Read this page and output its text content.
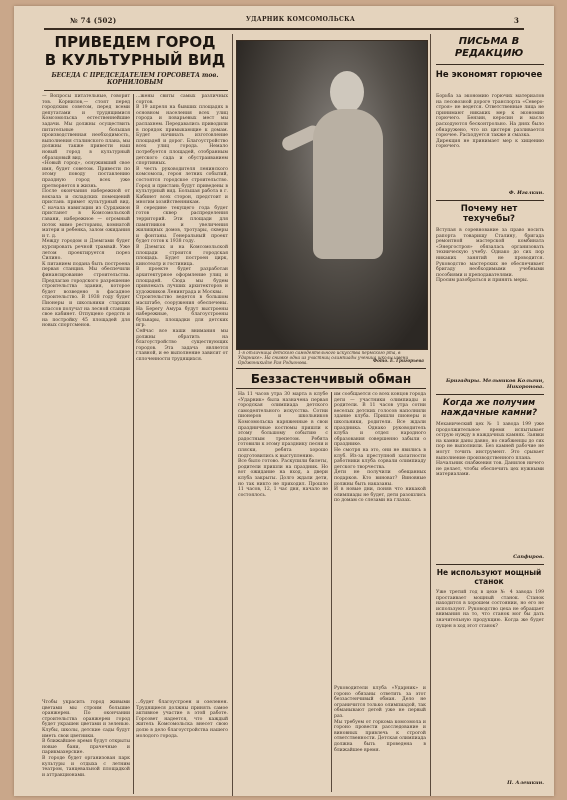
№ 74 (502)	УДАРНИК КОМСОМОЛЬСКА	3
ПРИВЕДЕМ ГОРОД
В КУЛЬТУРНЫЙ ВИД
БЕСЕДА С ПРЕДСЕДАТЕЛЕМ ГОРСОВЕТА тов. КОРНИЛОВЫМ
— Вопросы питательные, говорит тов. Корнилов,— стоят перед городским советом, перед всеми депутатами и трудящимися Комсомольска естественнейшие задачи. Мы должны осуществить питательные большая производственная необходимость, выполнения сталинского плана, мы должны также привести наш новый город в культурный образцовый вид.
«Новый город», оснуживший свое имя, будет советом. Привести по этому поводу поставлению праздную город всех уже претворяется в жизнь.
После окончания набережной от вокзала и складских помещений пристань примет культурный вид. С начала навигации из Сурдакион пристанет в Комсомольской гавани, набережное — огромный поток мимо рестораны, комнатой матери и ребенка, залом ожидания и т. д.
Между городом и Дземгами будет курсировать речной трамвай. Уже летом проектируется порез Силино.
К питанием подана быть построена первая станция. Мы обеспечили финансирование строительства. Предлагаю городского разрешение строительства здания, которое будет возведено в фасадное строительство. В 1938 году будет Пионеры и школьники старших классов получат на лесной станции свое кабинет. Отпущено средств и на постройку 45 площадей для новых спортсменов.
...жены свиты самых различных сортов.
В 19 апреля на бывших площадях в основном населения всех улиц города и поварьевых мест мы распахнем. Передавались приводили в порядок примыкающие к домам. Будет начинать изготовление площадей и дорог. Благоустройство всех улиц города. Немало потребуется площадей, отобранным детского сада и обустраиванием спортивных.
В честь руководителя ленинского комсомола, героя летних событий, состоятся городское строительство. Город и пристань будут приведены в культурный вид. Большая работа в г. Кабинет всех сторон, предстоит и многим хозяйственникам.
В середине текущего года будет готов сквер распределения территорий. Эти площади для памятников и увеличения жилищных домов, тротуары, скверы и фонтаны. Генеральный проект будет готов к 1938 году.
В Дземгах и на Комсомольской площади строится городская площадь. Будет построен цирк, кинотеатр и гостиница.
В проекте будет разработан архитектурное оформление улиц и площадей. Сюда мы будем привлекать лучших архитекторов и художников Ленинграда и Москвы.
Строительство ведется в большом масштабе, сооружения обеспечены. На Берегу Амура будут выстроены набережные, благоустроены бульвары, площадки для детских игр.
Сейчас все наши внимания мы должны обратить на благоустройство существующих городов. Эта задача является главной, и ее выполнение зависит от сплоченности трудящихся.
Чтобы украсить город живыми цветами мы строим большие оранжереи. По окончании строительства оранжереи город будет украшен цветами и зеленью. Клубы, школы, детские сады будут иметь свои цветники.
В ближайшее время будут открыты новые бани, прачечные и парикмахерские.
В городе будет организован парк культуры и отдыха с летним театром, танцевальной площадкой и аттракционами.
...будет благоустроен и озеленен. Трудящиеся должны принять самое активное участие в этой работе. Горсовет надеется, что каждый житель Комсомольска внесет свою долю в дело благоустройства нашего молодого города.
1-я отличница детского самодеятельного искусства пермского рта, в Ударнике». На снимке одна из участниц олимпиады ученица школы имени Орджоникидзе Рая Родионова.	Фото. Е. Григорьева
Беззастенчивый обман
На 11 часов утра 30 марта в клубе «Ударник» была назначена первая городская олимпиада детского самодеятельного искусства. Сотни пионеров и школьников Комсомольска наряженные в свои праздничные костюмы пришли к этому большому событию с радостным трепетом. Ребята готовили к этому празднику песни и пляски, ребята хорошо подготовились к выступлению.
Все было готово. Раскупили билеты, родители пришли на праздник. Но вот ожидание на вход, а двери клуба закрыты. Долго ждали дети, но так никто не приходил. Прошло 11 часов, 12, 1 час дня, начало не состоялось.
им сообщается со всех концов города дети — участники олимпиады и родители. В 11 часов утра сотни веселых детских голосов наполнили здание клуба. Пришли пионеры и школьники, родители. Все ждали праздника. Однако руководитель клуба и отдел народного образования совершенно забыли о празднике.
Не смотря на это, они не явились в клуб. Из-за преступной халатности работники клуба сорвали олимпиаду детского творчества.
Дети не получили обещанных подарков. Кто виноват? Виновные должны быть наказаны.
И в новые дни, поняв что никакой олимпиады не будет, дети разошлись по домам со слезами на глазах.
Руководители клуба «Ударник» и гороно обязаны ответить за этот беззастенчивый обман. Дело не ограничится только олимпиадой, так обманывают детей уже не первый раз.
Мы требуем от горкома комсомола и гороно провести расследование и виновных привлечь к строгой ответственности. Детская олимпиада должна быть проведена в ближайшее время.
ПИСЬМА В РЕДАКЦИЮ
Не экономят горючее
Борьба за экономию горючих материалов на лесовозной дороге транспорта «Северо-строя» не ведется. Ответственные лица не принимают никаких мер к экономии горючего. Бензин, керосин и масло расходуются бесконтрольно. На днях было обнаружено, что из цистерн разливается горючее. Расходуется также и смазка.
Дирекция не принимает мер к хищению горючего.
Ф. Игалкин.
Почему нет техучебы?
Вступая в соревнование за право носить рапорта товарищу Сталину, бригада ремонтной мастерской комбината «Энергостроя» обязалась организовать техническую учебу. Однако до сих пор никаких занятий не проводится. Руководство мастерских не обеспечивает бригаду необходимыми учебными пособиями и преподавателями.
Просим разобраться и принять меры.
Бригадиры. Мельников Кольгин, Никоронова.
Когда же получим наждачные камни?
Механический цех № 1 завода 199 уже продолжительное время испытывает острую нужду в наждачных камнях. Заявки на камни даны давно, но снабженцы до сих пор не выполнили. Без камней рабочие не могут точить инструмент. Это срывает выполнение производственного плана.
Начальник снабжения тов. Данилов ничего не делает, чтобы обеспечить цех нужными материалами.
Сапфиров.
Не используют мощный станок
Уже третий год в цехе № 4 завода 199 простаивает мощный станок. Станок находится в хорошем состоянии, но его не используют. Руководство цеха не обращает внимания на то, что станок мог бы дать значительную продукцию. Когда же будет пущен в ход этот станок?
П. Алешкин.
